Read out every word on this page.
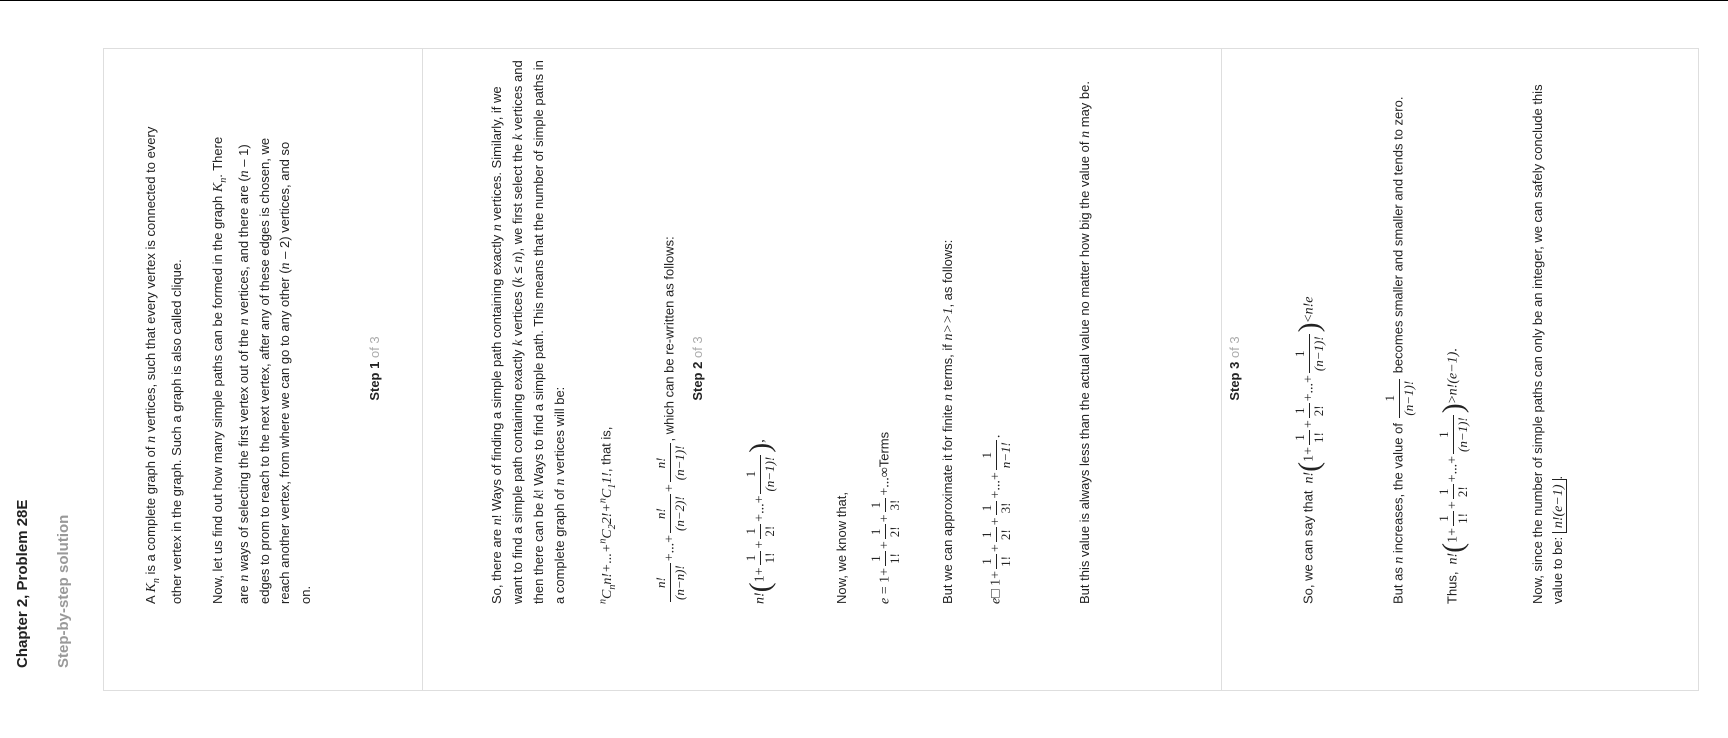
Chapter 2, Problem 28E Step-by-step solution
Step 1 of 3
A $K_n$ is a complete graph of n vertices, such that every vertex is connected to every other vertex in the graph. Such a graph is also called clique. Now, let us find out how many simple paths can be formed in the graph $K_n$. There are n ways of selecting the first vertex out of the n vertices, and there are (n – 1) edges to prom to reach to the next vertex, after any of these edges is chosen, we reach another vertex, from where we can go to any other (n – 2) vertices, and so on.
Step 2 of 3
So, there are n! Ways of finding a simple path containing exactly n vertices. Similarly, if we want to find a simple path containing exactly k vertices (k ≤ n), we first select the k vertices and then there can be k! Ways to find a simple path. This means that the number of simple paths in a complete graph of n vertices will be:
$^nC_nn!+...+^nC_22!+^nC_11$!, that is,
n! (n−n)!
+...+
n! (n−2)!
+
n! (n−1)!
, which can be re-written as follows:
n!(1+
1 1!
+
1 2!
+...+
1 (n−1)!
),
Now, we know that,	e = 1+
1 1!
+
1 2!
+
1 3!
+...∞Terms	But we can approximate it for finite n terms, if n>>1, as follows:
e□ 1+
1 1!
+
1 2!
+
1 3!
+...+
1 n−1!
.	But this value is always less than the actual value no matter how big the value of n may be.
Step 3 of 3
So, we can say that  n!(1+
1 1!
+
1 2!
+...+
1 (n−1)!
)<n!e
But as n increases, the value of
1 (n−1)!
becomes smaller and smaller and tends to zero.
Thus,  n!(1+
1 1!
+
1 2!
+...+
1 (n−1)!
)>n!(e−1).	Now, since the number of simple paths can only be an integer, we can safely conclude this value to be: n!(e−1).
